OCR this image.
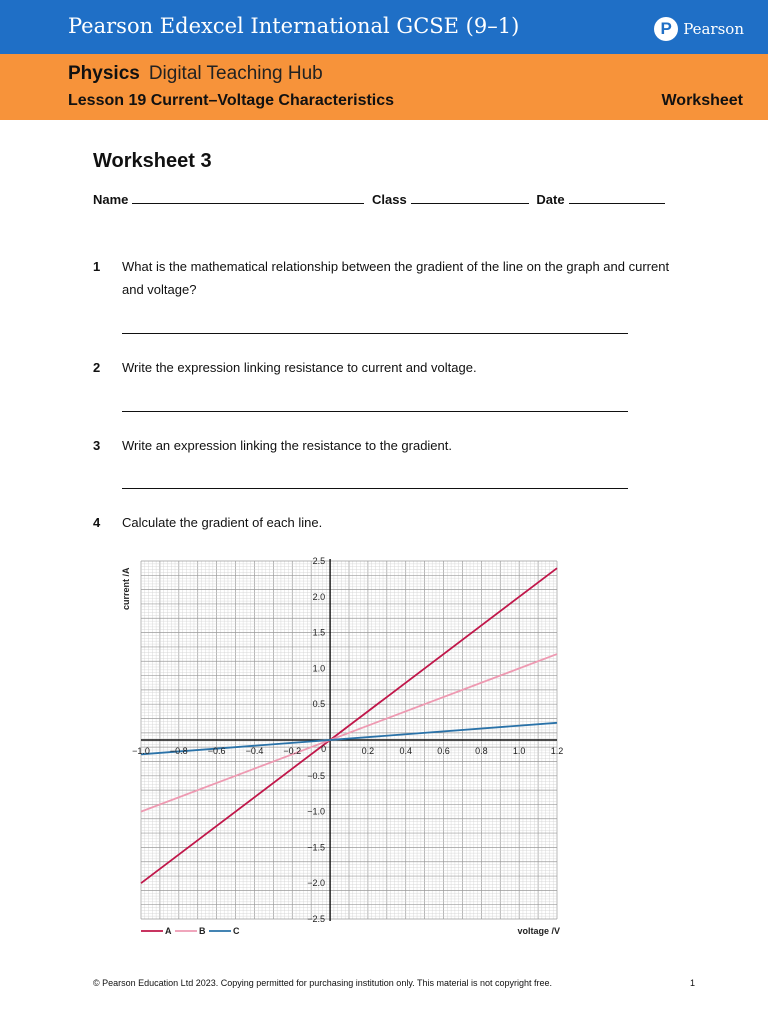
Pearson Edexcel International GCSE (9–1)	P Pearson
Physics Digital Teaching Hub
Lesson 19 Current–Voltage Characteristics	Worksheet
Worksheet 3
Name	Class	Date
1	What is the mathematical relationship between the gradient of the line on the graph and current and voltage?
2	Write the expression linking resistance to current and voltage.
3	Write an expression linking the resistance to the gradient.
4	Calculate the gradient of each line.
−1.0 −0.8 −0.6 −0.4 −0.2	0.2	0.4	0.6	0.8	1.0	1.2
2.5
2.0
1.5
1.0
0.5
−0.5
−1.0
−1.5
−2.0
−2.5
0
current /A
voltage /V
A	B	C
© Pearson Education Ltd 2023. Copying permitted for purchasing institution only. This material is not copyright free.	1
